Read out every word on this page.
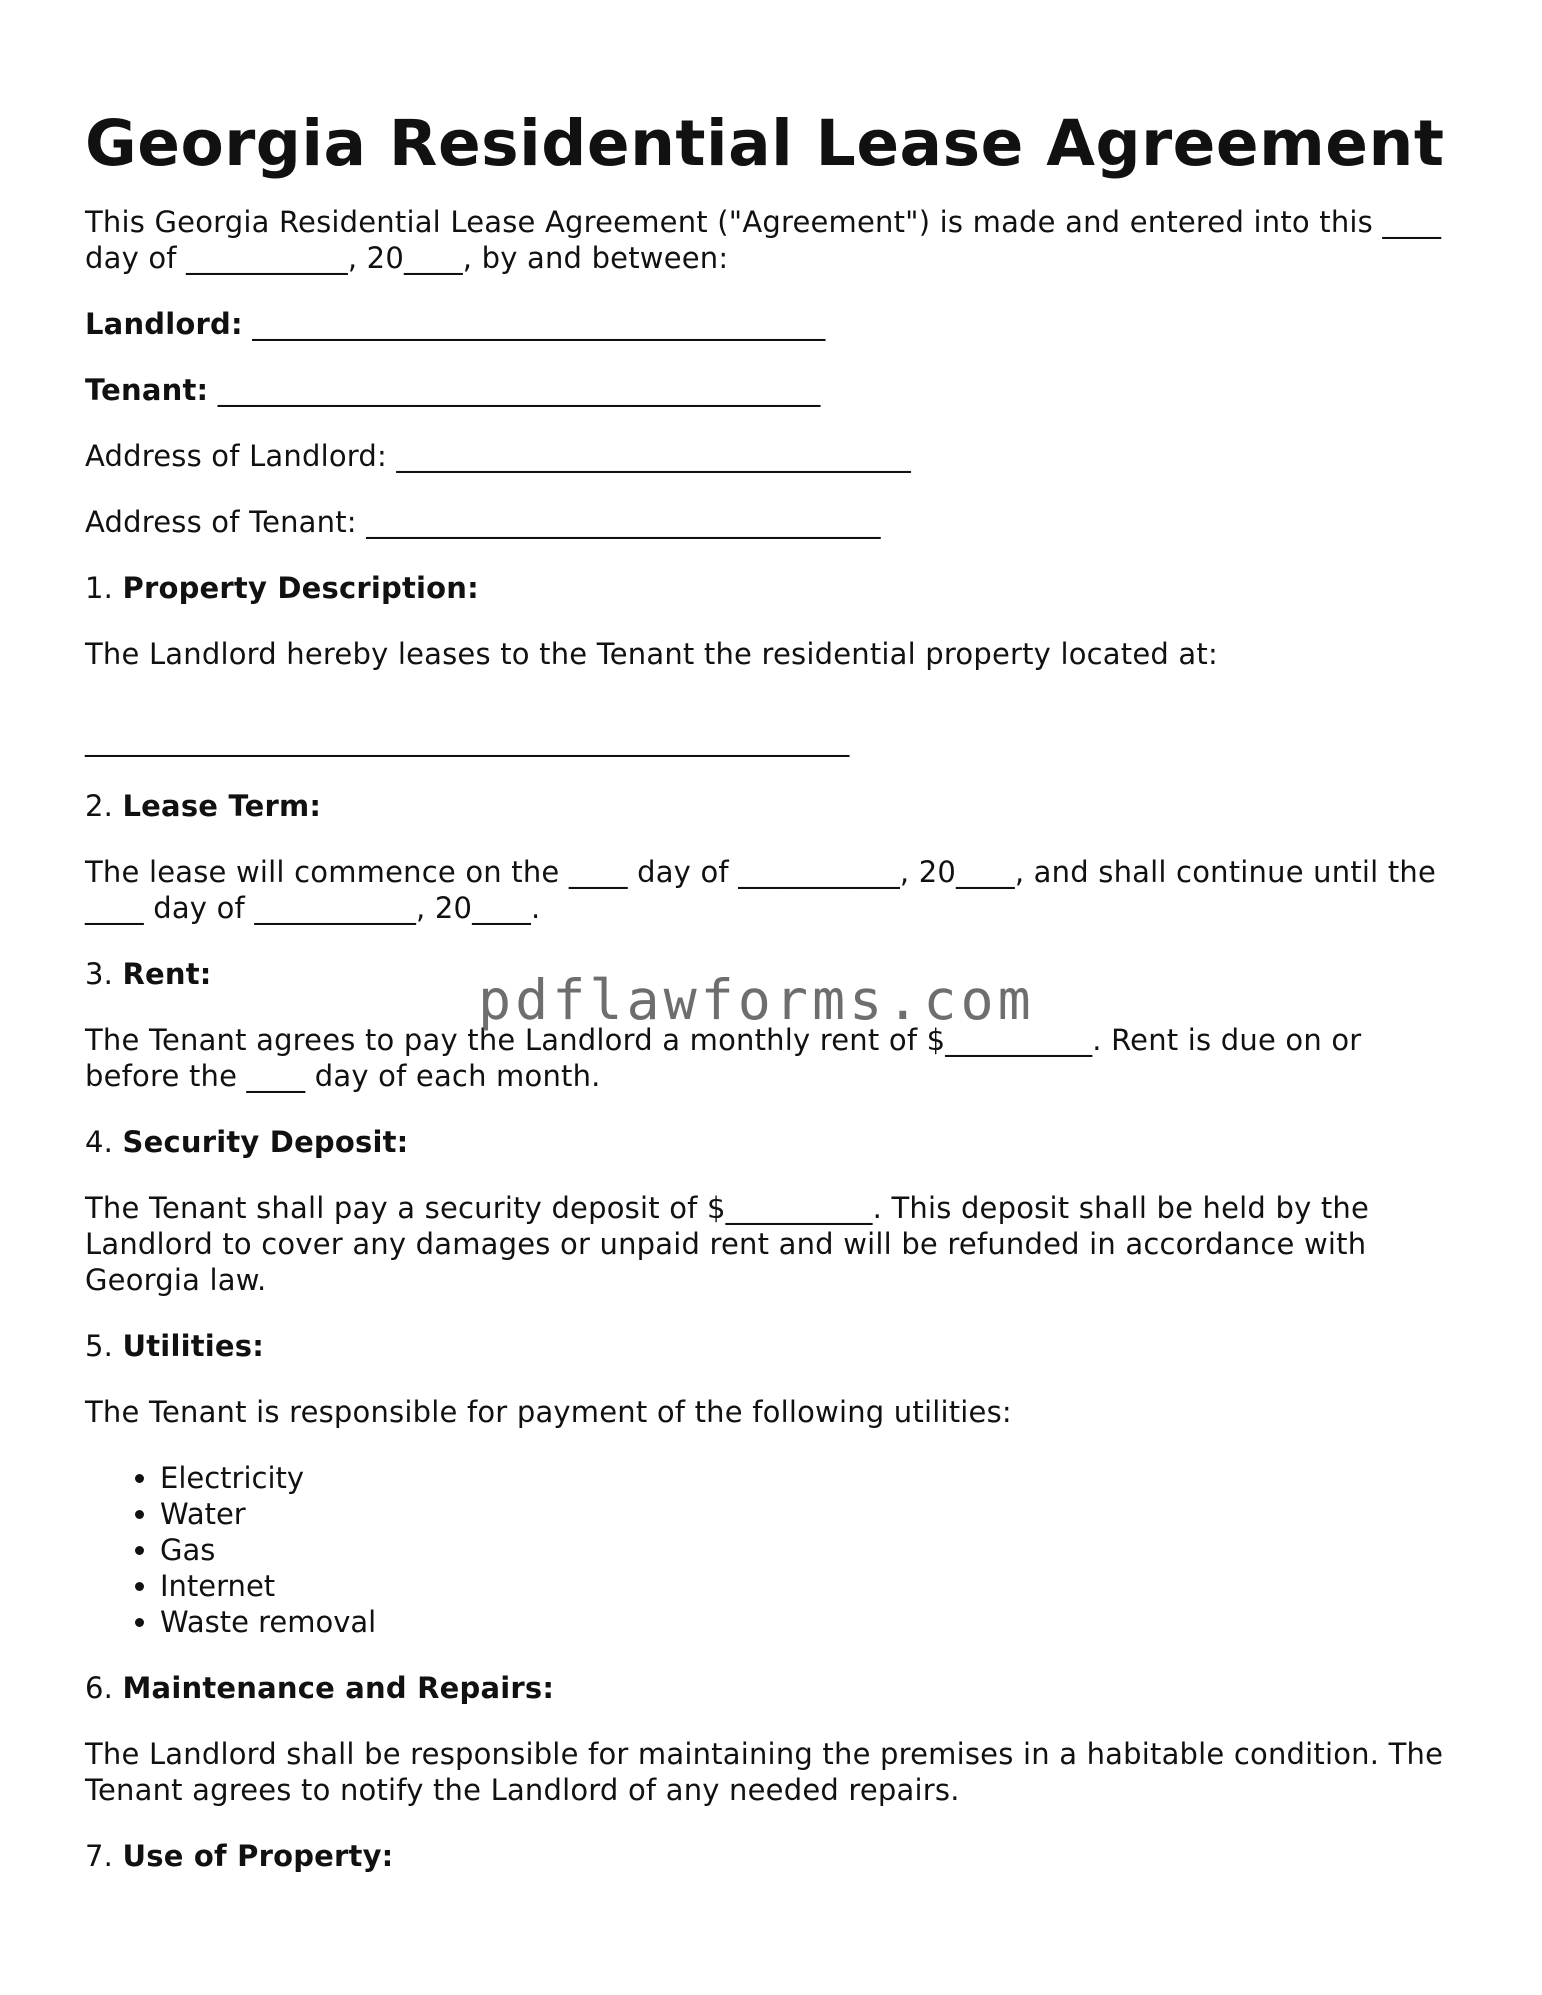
Georgia Residential Lease Agreement

This Georgia Residential Lease Agreement ("Agreement") is made and entered into this ____ day of ___________, 20____, by and between:

Landlord: _______________________________________

Tenant: _________________________________________

Address of Landlord: ___________________________________

Address of Tenant: ___________________________________

1. Property Description:

The Landlord hereby leases to the Tenant the residential property located at:

____________________________________________________

2. Lease Term:

The lease will commence on the ____ day of ___________, 20____, and shall continue until the ____ day of ___________, 20____.

3. Rent:

The Tenant agrees to pay the Landlord a monthly rent of $__________. Rent is due on or before the ____ day of each month.

4. Security Deposit:

The Tenant shall pay a security deposit of $__________. This deposit shall be held by the Landlord to cover any damages or unpaid rent and will be refunded in accordance with Georgia law.

5. Utilities:

The Tenant is responsible for payment of the following utilities:

• Electricity
• Water
• Gas
• Internet
• Waste removal

6. Maintenance and Repairs:

The Landlord shall be responsible for maintaining the premises in a habitable condition. The Tenant agrees to notify the Landlord of any needed repairs.

7. Use of Property:

pdflawforms.com
